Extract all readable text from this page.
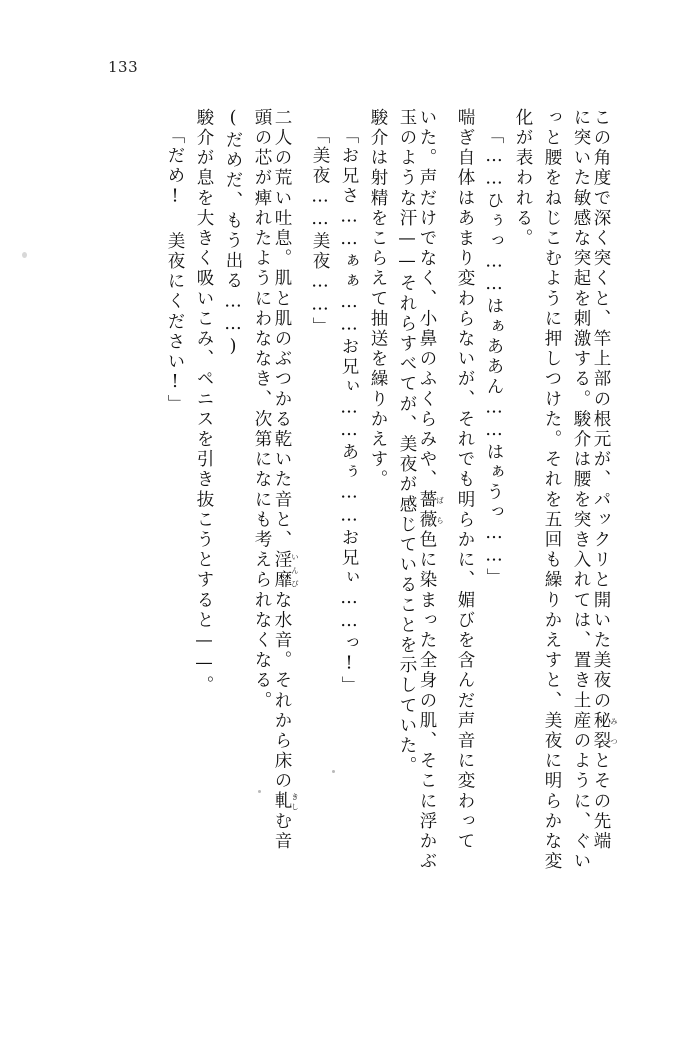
133
この角度で深く突くと、竿上部の根元が、パックリと開いた美夜の秘裂みつとその先端
に突いた敏感な突起を刺激する。駿介は腰を突き入れては、置き土産のように、ぐい
っと腰をねじこむように押しつけた。それを五回も繰りかえすと、美夜に明らかな変
化が表われる。
「……ひぅっ……はぁああん……はぁうっ……」
喘ぎ自体はあまり変わらないが、それでも明らかに、媚びを含んだ声音に変わって
いた。声だけでなく、小鼻のふくらみや、薔薇ばら色に染まった全身の肌、そこに浮かぶ
玉のような汗——それらすべてが、美夜が感じていることを示していた。
駿介は射精をこらえて抽送を繰りかえす。
「お兄さ……ぁぁ……お兄ぃ……あぅ……お兄ぃ……っ!」
「美夜……美夜……」
二人の荒い吐息。肌と肌のぶつかる乾いた音と、淫靡いんびな水音。それから床の軋きしむ音
頭の芯が痺れたようにわななき、次第になにも考えられなくなる。
(だめだ、もう出る……)
駿介が息を大きく吸いこみ、ペニスを引き抜こうとすると——。
「だめ! 美夜にください!」
